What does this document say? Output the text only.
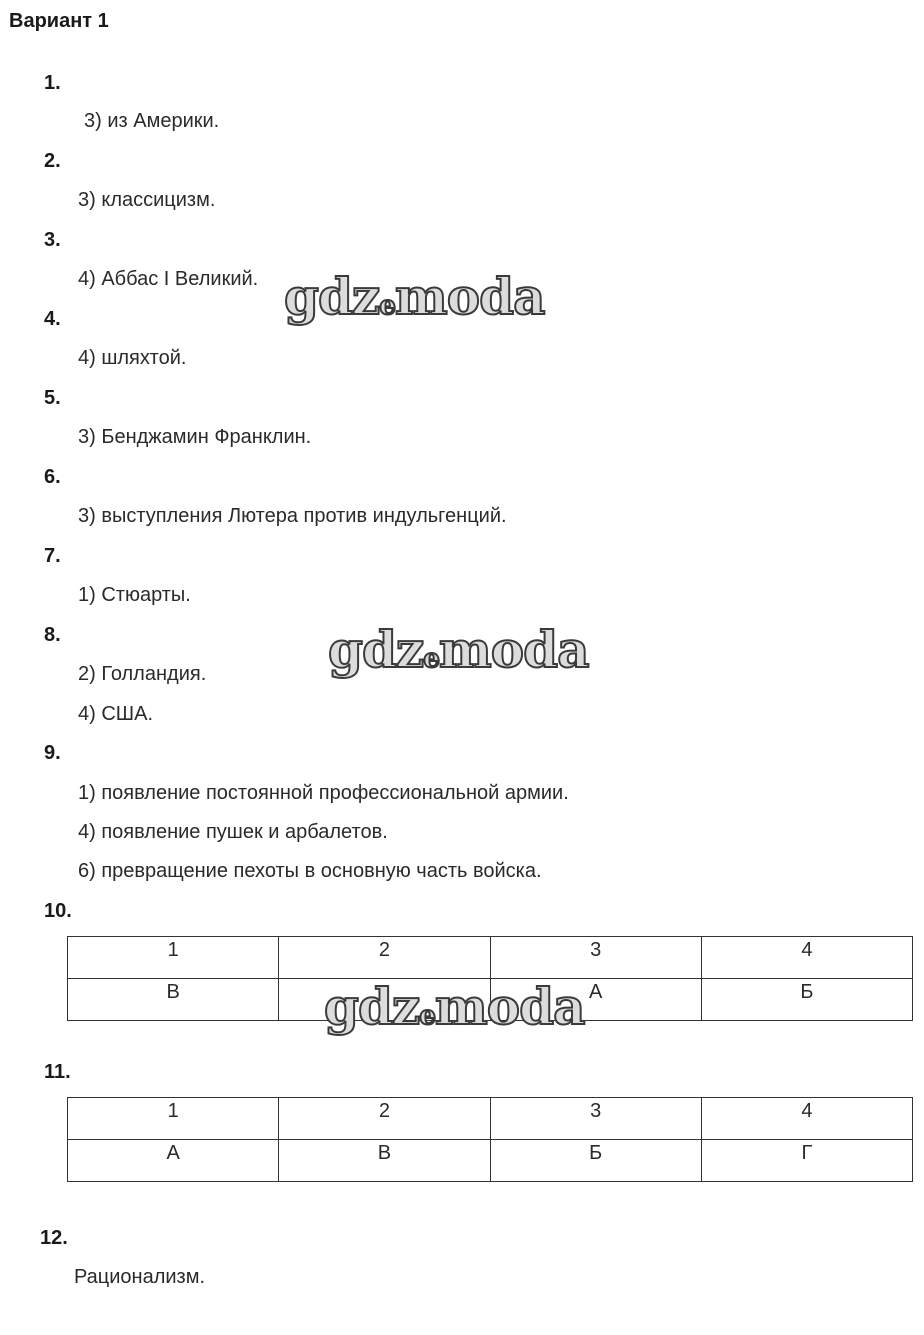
Вариант 1
1.
3) из Америки.
2.
3) классицизм.
3.
4) Аббас I Великий.
4.
4) шляхтой.
5.
3) Бенджамин Франклин.
6.
3) выступления Лютера против индульгенций.
7.
1) Стюарты.
8.
2) Голландия.
4) США.
9.
1) появление постоянной профессиональной армии.
4) появление пушек и арбалетов.
6) превращение пехоты в основную часть войска.
10.
1	2	3	4
В		А	Б
11.
1	2	3	4
А	В	Б	Г
12.
Рационализм.
gdzemoda
gdzemoda
gdzemoda
